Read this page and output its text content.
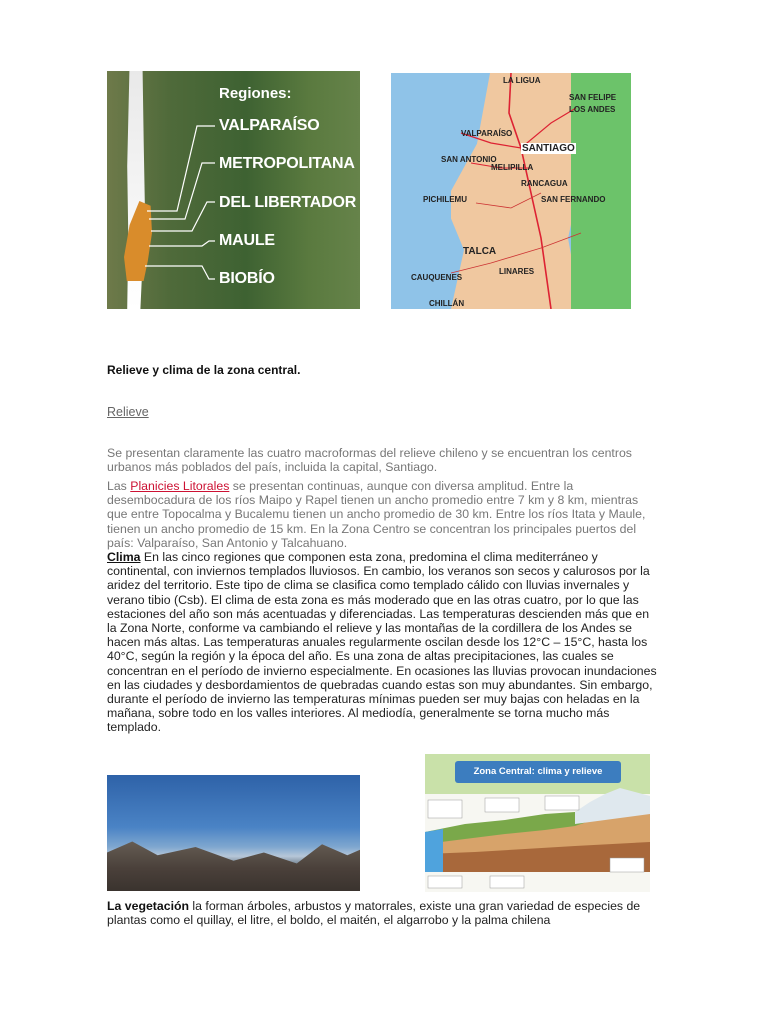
Regiones:
VALPARAÍSO
METROPOLITANA
DEL LIBERTADOR
MAULE
BIOBÍO
LA LIGUA
VALPARAÍSO
SANTIAGO
SAN ANTONIO
RANCAGUA
SAN FERNANDO
TALCA
LINARES
CHILLÁN
SAN FELIPE
LOS ANDES
MELIPILLA
PICHILEMU
CAUQUENES
Relieve y clima de la zona central.
Relieve
Se presentan claramente las cuatro macroformas del relieve chileno y se encuentran los centros urbanos más poblados del país, incluida la capital, Santiago.
Las Planicies Litorales se presentan continuas, aunque con diversa amplitud. Entre la desembocadura de los ríos Maipo y Rapel tienen un ancho promedio entre 7 km y 8 km, mientras que entre Topocalma y Bucalemu tienen un ancho promedio de 30 km. Entre los ríos Itata y Maule, tienen un ancho promedio de 15 km. En la Zona Centro se concentran los principales puertos del país: Valparaíso, San Antonio y Talcahuano.
Clima En las cinco regiones que componen esta zona, predomina el clima mediterráneo y continental, con inviernos templados lluviosos. En cambio, los veranos son secos y calurosos por la aridez del territorio. Este tipo de clima se clasifica como templado cálido con lluvias invernales y verano tibio (Csb). El clima de esta zona es más moderado que en las otras cuatro, por lo que las estaciones del año son más acentuadas y diferenciadas. Las temperaturas descienden más que en la Zona Norte, conforme va cambiando el relieve y las montañas de la cordillera de los Andes se hacen más altas. Las temperaturas anuales regularmente oscilan desde los 12°C – 15°C, hasta los 40°C, según la región y la época del año. Es una zona de altas precipitaciones, las cuales se concentran en el período de invierno especialmente. En ocasiones las lluvias provocan inundaciones en las ciudades y desbordamientos de quebradas cuando estas son muy abundantes. Sin embargo, durante el período de invierno las temperaturas mínimas pueden ser muy bajas con heladas en la mañana, sobre todo en los valles interiores. Al mediodía, generalmente se torna mucho más templado.
Zona Central: clima y relieve
La vegetación la forman árboles, arbustos y matorrales, existe una gran variedad de especies de plantas como el quillay, el litre, el boldo, el maitén, el algarrobo y la palma chilena
